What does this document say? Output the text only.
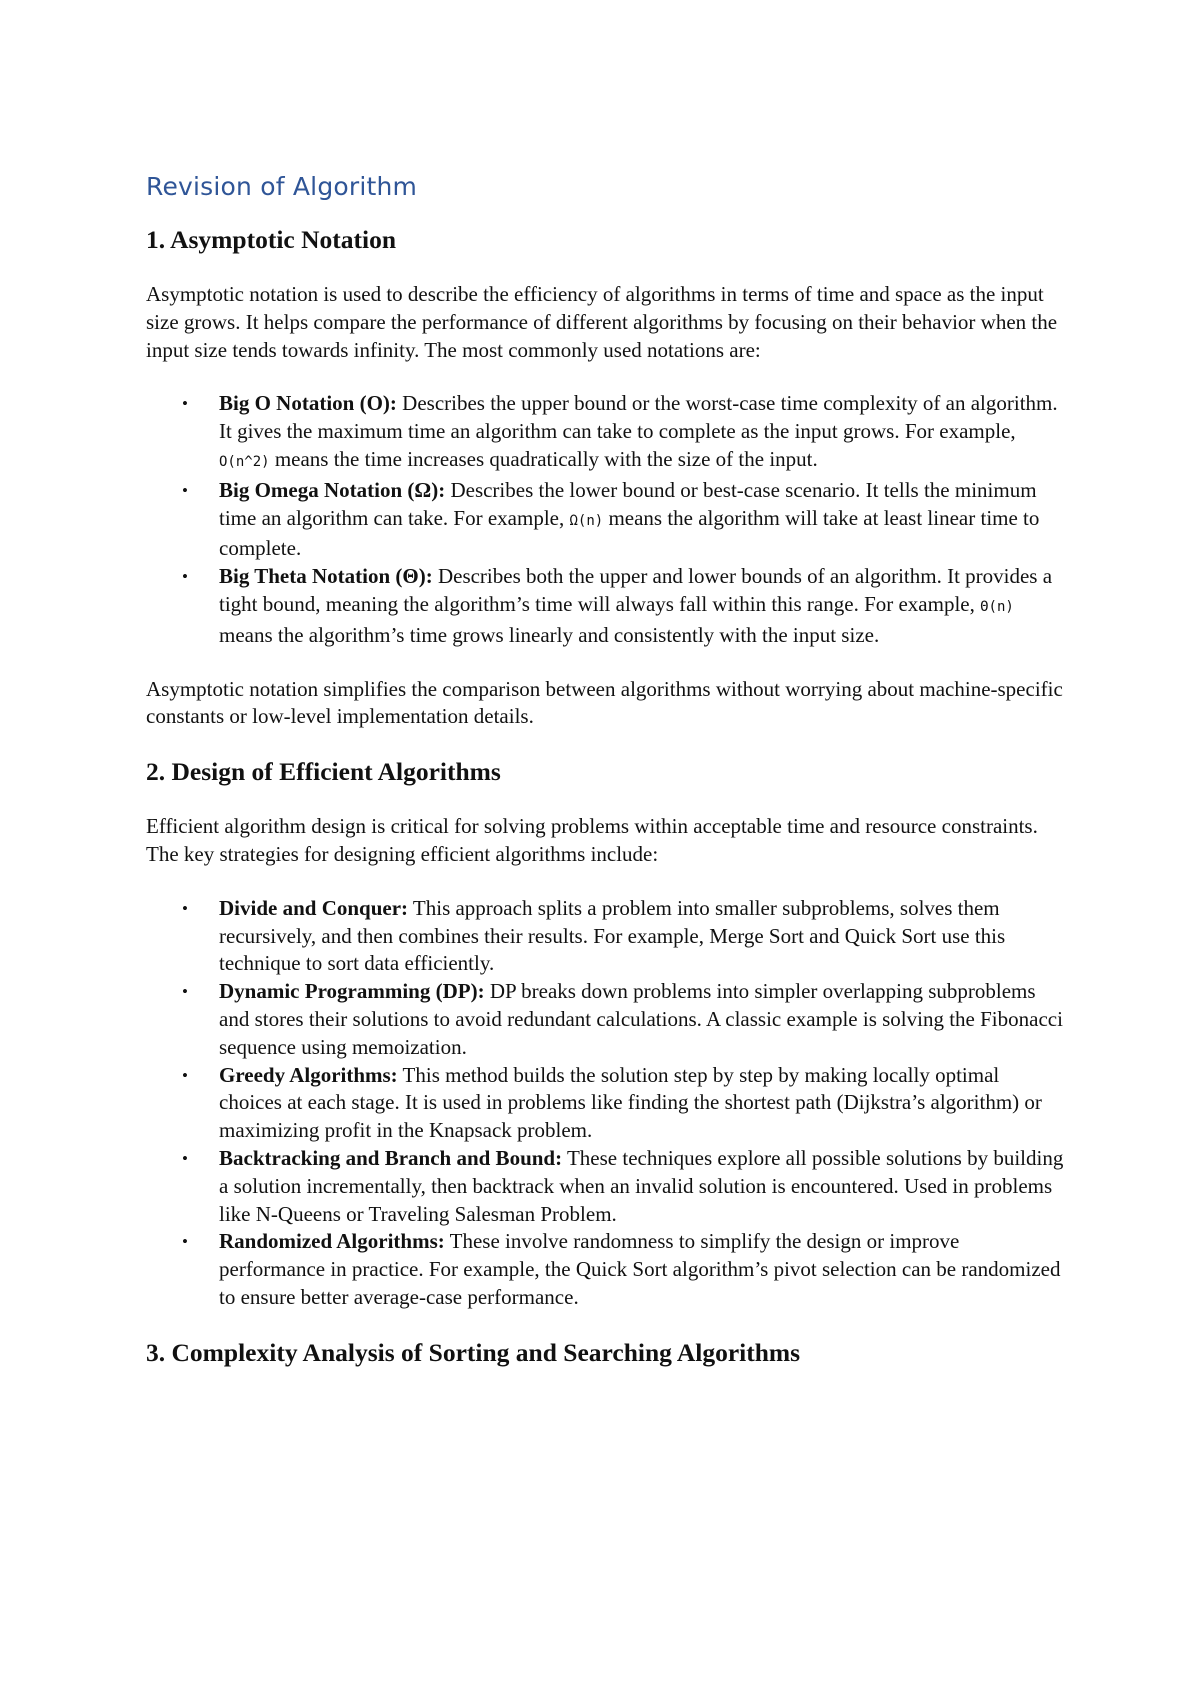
Revision of Algorithm
1. Asymptotic Notation

Asymptotic notation is used to describe the efficiency of algorithms in terms of time and space as the input size grows. It helps compare the performance of different algorithms by focusing on their behavior when the input size tends towards infinity. The most commonly used notations are:

• Big O Notation (O): Describes the upper bound or the worst-case time complexity of an algorithm. It gives the maximum time an algorithm can take to complete as the input grows. For example, O(n^2) means the time increases quadratically with the size of the input.
• Big Omega Notation (Ω): Describes the lower bound or best-case scenario. It tells the minimum time an algorithm can take. For example, Ω(n) means the algorithm will take at least linear time to complete.
• Big Theta Notation (Θ): Describes both the upper and lower bounds of an algorithm. It provides a tight bound, meaning the algorithm’s time will always fall within this range. For example, Θ(n) means the algorithm’s time grows linearly and consistently with the input size.

Asymptotic notation simplifies the comparison between algorithms without worrying about machine-specific constants or low-level implementation details.

2. Design of Efficient Algorithms

Efficient algorithm design is critical for solving problems within acceptable time and resource constraints. The key strategies for designing efficient algorithms include:

• Divide and Conquer: This approach splits a problem into smaller subproblems, solves them recursively, and then combines their results. For example, Merge Sort and Quick Sort use this technique to sort data efficiently.
• Dynamic Programming (DP): DP breaks down problems into simpler overlapping subproblems and stores their solutions to avoid redundant calculations. A classic example is solving the Fibonacci sequence using memoization.
• Greedy Algorithms: This method builds the solution step by step by making locally optimal choices at each stage. It is used in problems like finding the shortest path (Dijkstra’s algorithm) or maximizing profit in the Knapsack problem.
• Backtracking and Branch and Bound: These techniques explore all possible solutions by building a solution incrementally, then backtrack when an invalid solution is encountered. Used in problems like N-Queens or Traveling Salesman Problem.
• Randomized Algorithms: These involve randomness to simplify the design or improve performance in practice. For example, the Quick Sort algorithm’s pivot selection can be randomized to ensure better average-case performance.
3. Complexity Analysis of Sorting and Searching Algorithms
